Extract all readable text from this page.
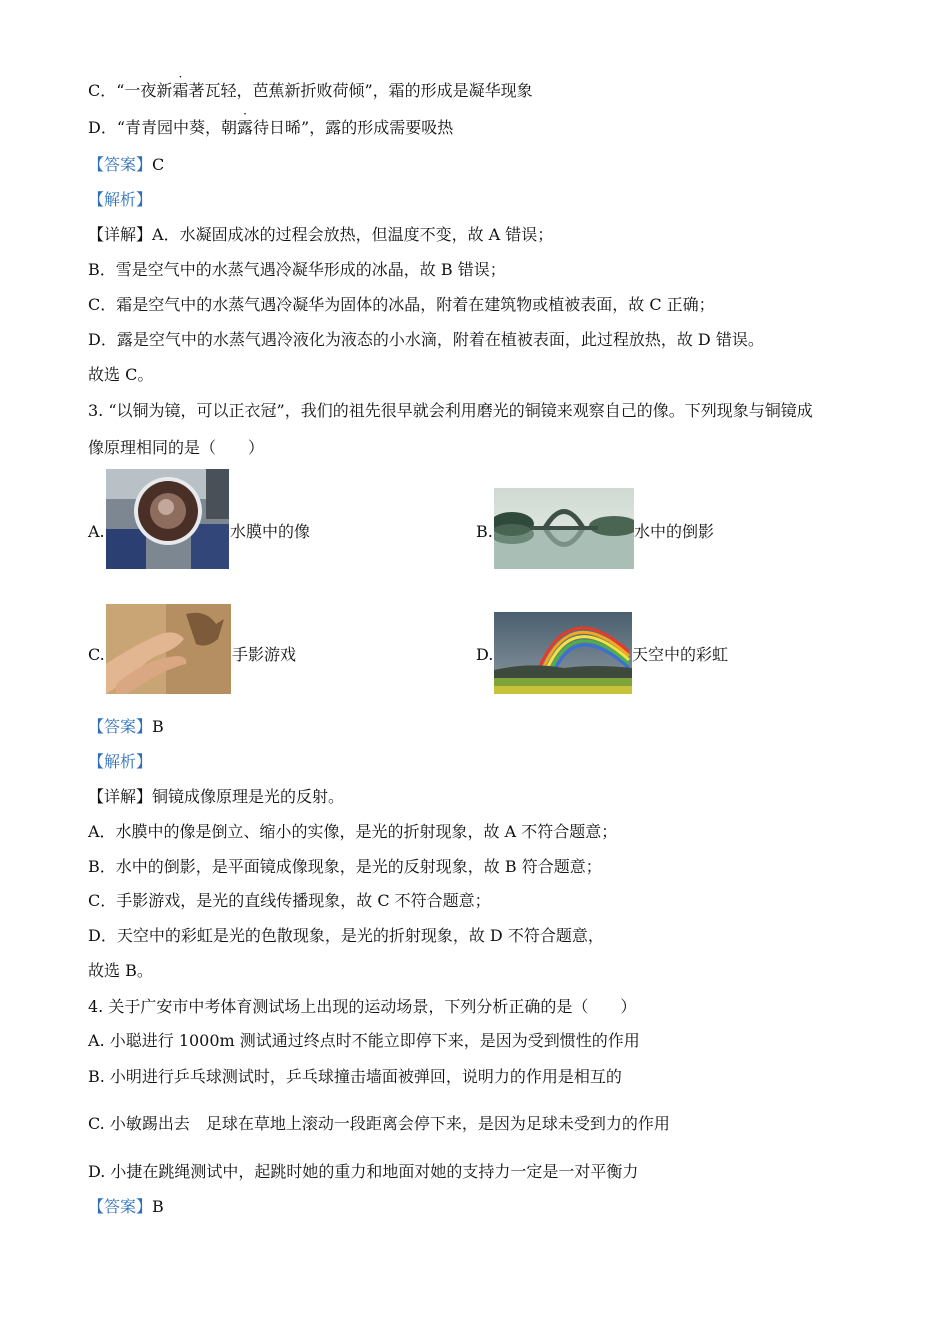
C．“一夜新
·
霜著瓦轻，芭蕉新折败荷倾”，霜的形成是凝华现象
D．“青青园中葵，朝
·
露待日晞”，露的形成需要吸热
【答案】C
【解析】
【详解】A．水凝固成冰的过程会放热，但温度不变，故 A 错误；
B．雪是空气中的水蒸气遇冷凝华形成的冰晶，故 B 错误；
C．霜是空气中的水蒸气遇冷凝华为固体的冰晶，附着在建筑物或植被表面，故 C 正确；
D．露是空气中的水蒸气遇冷液化为液态的小水滴，附着在植被表面，此过程放热，故 D 错误。
故选 C。
3. “以铜为镜，可以正衣冠”，我们的祖先很早就会利用磨光的铜镜来观察自己的像。下列现象与铜镜成
像原理相同的是（　　）
A.	水膜中的像	B.	水中的倒影
C.	手影游戏	D.	天空中的彩虹
【答案】B
【解析】
【详解】铜镜成像原理是光的反射。
A．水膜中的像是倒立、缩小的实像，是光的折射现象，故 A 不符合题意；
B．水中的倒影，是平面镜成像现象，是光的反射现象，故 B 符合题意；
C．手影游戏，是光的直线传播现象，故 C 不符合题意；
D．天空中的彩虹是光的色散现象，是光的折射现象，故 D 不符合题意，
故选 B。
4. 关于广安市中考体育测试场上出现的运动场景，下列分析正确的是（　　）
A. 小聪进行 1000m 测试通过终点时不能立即停下来，是因为受到惯性的作用
B. 小明进行乒乓球测试时，乒乓球撞击墙面被弹回，说明力的作用是相互的
C. 小敏踢出去　足球在草地上滚动一段距离会停下来，是因为足球未受到力的作用
D. 小捷在跳绳测试中，起跳时她的重力和地面对她的支持力一定是一对平衡力
【答案】B
